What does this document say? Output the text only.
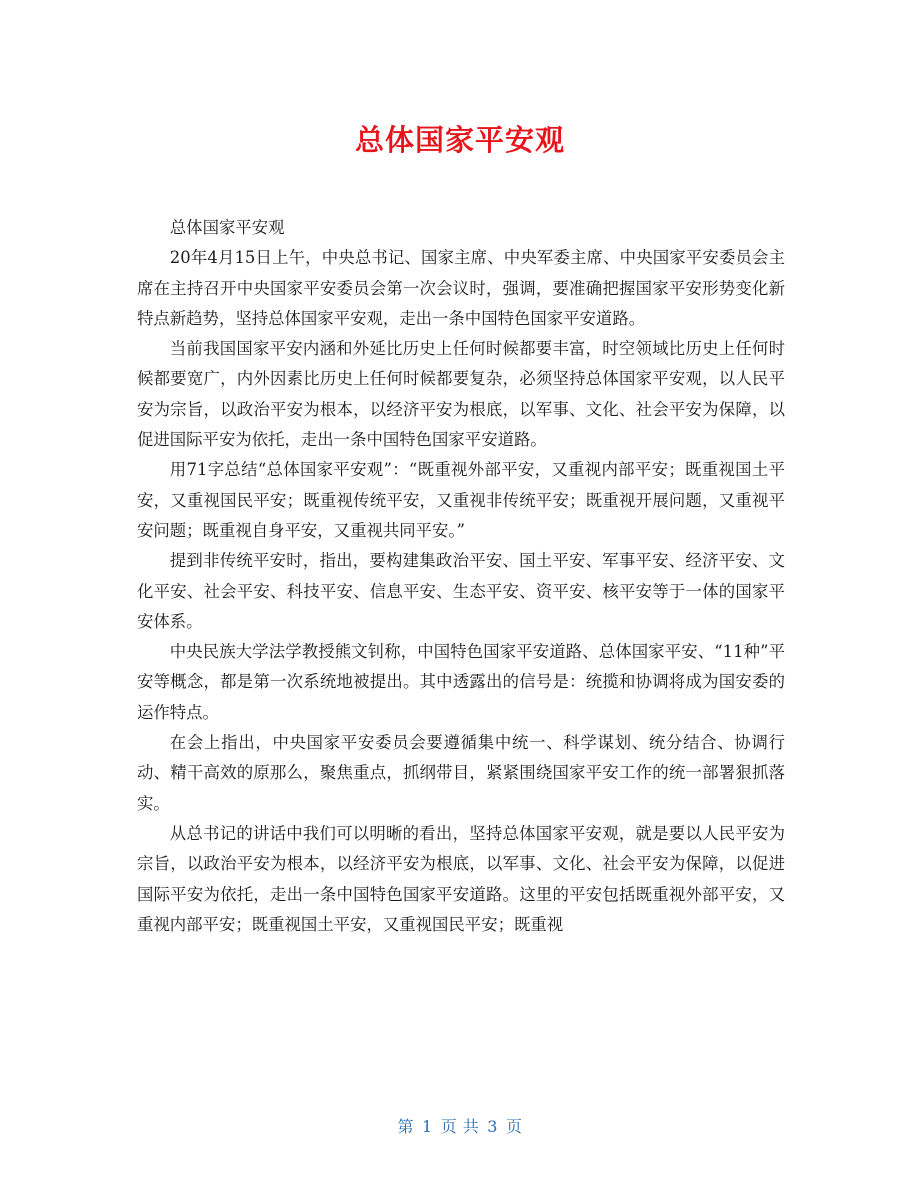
总体国家平安观

总体国家平安观

20年4月15日上午，中央总书记、国家主席、中央军委主席、中央国家平安委员会主席在主持召开中央国家平安委员会第一次会议时，强调，要准确把握国家平安形势变化新特点新趋势，坚持总体国家平安观，走出一条中国特色国家平安道路。

当前我国国家平安内涵和外延比历史上任何时候都要丰富，时空领域比历史上任何时候都要宽广，内外因素比历史上任何时候都要复杂，必须坚持总体国家平安观，以人民平安为宗旨，以政治平安为根本，以经济平安为根底，以军事、文化、社会平安为保障，以促进国际平安为依托，走出一条中国特色国家平安道路。

用71字总结“总体国家平安观”：“既重视外部平安，又重视内部平安；既重视国土平安，又重视国民平安；既重视传统平安，又重视非传统平安；既重视开展问题，又重视平安问题；既重视自身平安，又重视共同平安。”

提到非传统平安时，指出，要构建集政治平安、国土平安、军事平安、经济平安、文化平安、社会平安、科技平安、信息平安、生态平安、资平安、核平安等于一体的国家平安体系。

中央民族大学法学教授熊文钊称，中国特色国家平安道路、总体国家平安、“11种”平安等概念，都是第一次系统地被提出。其中透露出的信号是：统揽和协调将成为国安委的运作特点。

在会上指出，中央国家平安委员会要遵循集中统一、科学谋划、统分结合、协调行动、精干高效的原那么，聚焦重点，抓纲带目，紧紧围绕国家平安工作的统一部署狠抓落实。

从总书记的讲话中我们可以明晰的看出，坚持总体国家平安观，就是要以人民平安为宗旨，以政治平安为根本，以经济平安为根底，以军事、文化、社会平安为保障，以促进国际平安为依托，走出一条中国特色国家平安道路。这里的平安包括既重视外部平安，又重视内部平安；既重视国土平安，又重视国民平安；既重视

第 1 页 共 3 页
